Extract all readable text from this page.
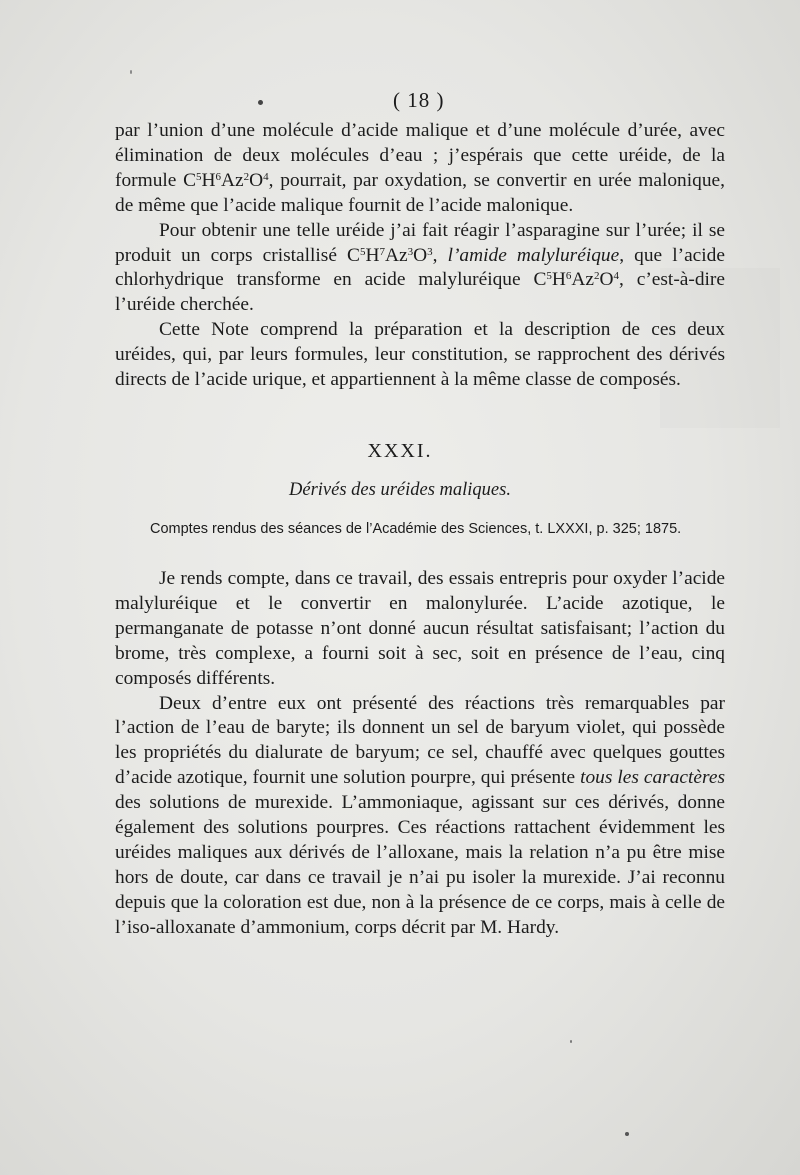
( 18 )

par l’union d’une molécule d’acide malique et d’une molécule d’urée, avec élimination de deux molécules d’eau ; j’espérais que cette uréide, de la formule $C^5H^6Az^2O^4$, pourrait, par oxydation, se convertir en urée malonique, de même que l’acide malique fournit de l’acide malonique.

Pour obtenir une telle uréide j’ai fait réagir l’asparagine sur l’urée; il se produit un corps cristallisé $C^5H^7Az^3O^3$, l’amide malyluréique, que l’acide chlorhydrique transforme en acide malyluréique $C^5H^6Az^2O^4$, c’est-à-dire l’uréide cherchée.

Cette Note comprend la préparation et la description de ces deux uréides, qui, par leurs formules, leur constitution, se rapprochent des dérivés directs de l’acide urique, et appartiennent à la même classe de composés.

XXXI.
Dérivés des uréides maliques.
Comptes rendus des séances de l’Académie des Sciences, t. LXXXI, p. 325; 1875.

Je rends compte, dans ce travail, des essais entrepris pour oxyder l’acide malyluréique et le convertir en malonylurée. L’acide azotique, le permanganate de potasse n’ont donné aucun résultat satisfaisant; l’action du brome, très complexe, a fourni soit à sec, soit en présence de l’eau, cinq composés différents.

Deux d’entre eux ont présenté des réactions très remarquables par l’action de l’eau de baryte; ils donnent un sel de baryum violet, qui possède les propriétés du dialurate de baryum; ce sel, chauffé avec quelques gouttes d’acide azotique, fournit une solution pourpre, qui présente tous les caractères des solutions de murexide. L’ammoniaque, agissant sur ces dérivés, donne également des solutions pourpres. Ces réactions rattachent évidemment les uréides maliques aux dérivés de l’alloxane, mais la relation n’a pu être mise hors de doute, car dans ce travail je n’ai pu isoler la murexide. J’ai reconnu depuis que la coloration est due, non à la présence de ce corps, mais à celle de l’iso-alloxanate d’ammonium, corps décrit par M. Hardy.
